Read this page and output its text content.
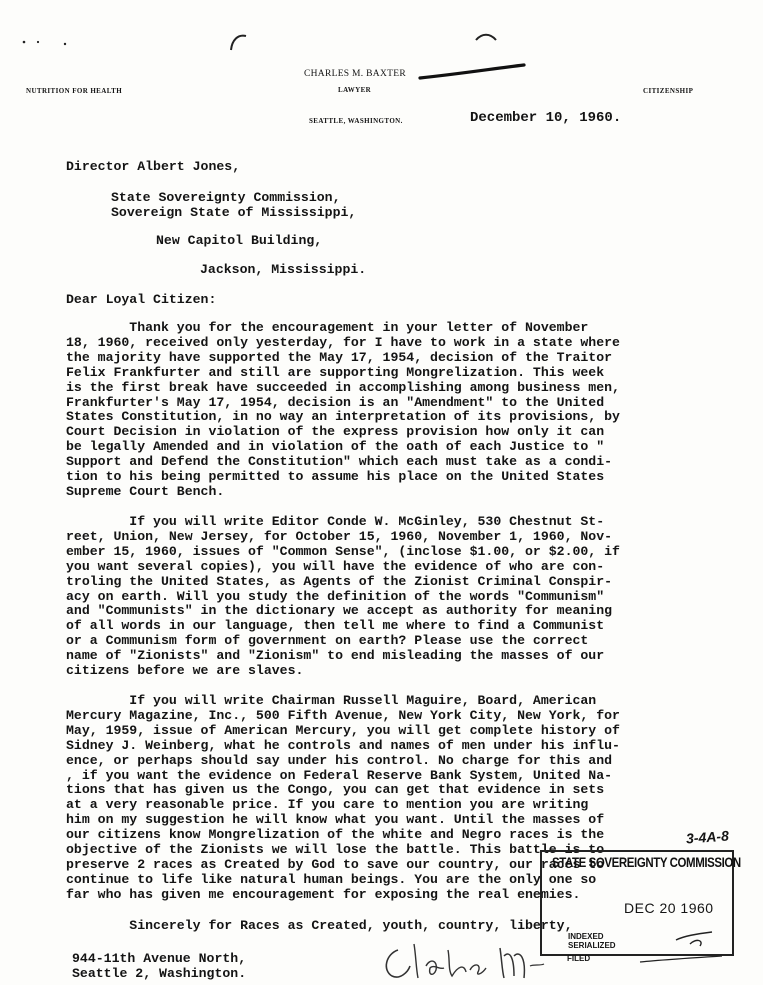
CHARLES M. BAXTER
LAWYER
NUTRITION FOR HEALTH	CITIZENSHIP
SEATTLE, WASHINGTON.	December 10, 1960.
Director Albert Jones,
State Sovereignty Commission,
Sovereign State of Mississippi,
New Capitol Building,
Jackson, Mississippi.
Dear Loyal Citizen:
Thank you for the encouragement in your letter of November
18, 1960, received only yesterday, for I have to work in a state where
the majority have supported the May 17, 1954, decision of the Traitor
Felix Frankfurter and still are supporting Mongrelization. This week
is the first break have succeeded in accomplishing among business men,
Frankfurter's May 17, 1954, decision is an "Amendment" to the United
States Constitution, in no way an interpretation of its provisions, by
Court Decision in violation of the express provision how only it can
be legally Amended and in violation of the oath of each Justice to "
Support and Defend the Constitution" which each must take as a condi-
tion to his being permitted to assume his place on the United States
Supreme Court Bench.
If you will write Editor Conde W. McGinley, 530 Chestnut St-
reet, Union, New Jersey, for October 15, 1960, November 1, 1960, Nov-
ember 15, 1960, issues of "Common Sense", (inclose $1.00, or $2.00, if
you want several copies), you will have the evidence of who are con-
troling the United States, as Agents of the Zionist Criminal Conspir-
acy on earth. Will you study the definition of the words "Communism"
and "Communists" in the dictionary we accept as authority for meaning
of all words in our language, then tell me where to find a Communist
or a Communism form of government on earth? Please use the correct
name of "Zionists" and "Zionism" to end misleading the masses of our
citizens before we are slaves.
If you will write Chairman Russell Maguire, Board, American
Mercury Magazine, Inc., 500 Fifth Avenue, New York City, New York, for
May, 1959, issue of American Mercury, you will get complete history of
Sidney J. Weinberg, what he controls and names of men under his influ-
ence, or perhaps should say under his control. No charge for this and
, if you want the evidence on Federal Reserve Bank System, United Na-
tions that has given us the Congo, you can get that evidence in sets
at a very reasonable price. If you care to mention you are writing
him on my suggestion he will know what you want. Until the masses of
our citizens know Mongrelization of the white and Negro races is the
objective of the Zionists we will lose the battle. This battle is to
preserve 2 races as Created by God to save our country, our races to
continue to life like natural human beings. You are the only one so
far who has given me encouragement for exposing the real enemies.
Sincerely for Races as Created, youth, country, liberty,
944-11th Avenue North,
Seattle 2, Washington.
STATE SOVEREIGNTY COMMISSION
DEC 20 1960
INDEXED
SERIALIZED
FILED
3-4A-8
